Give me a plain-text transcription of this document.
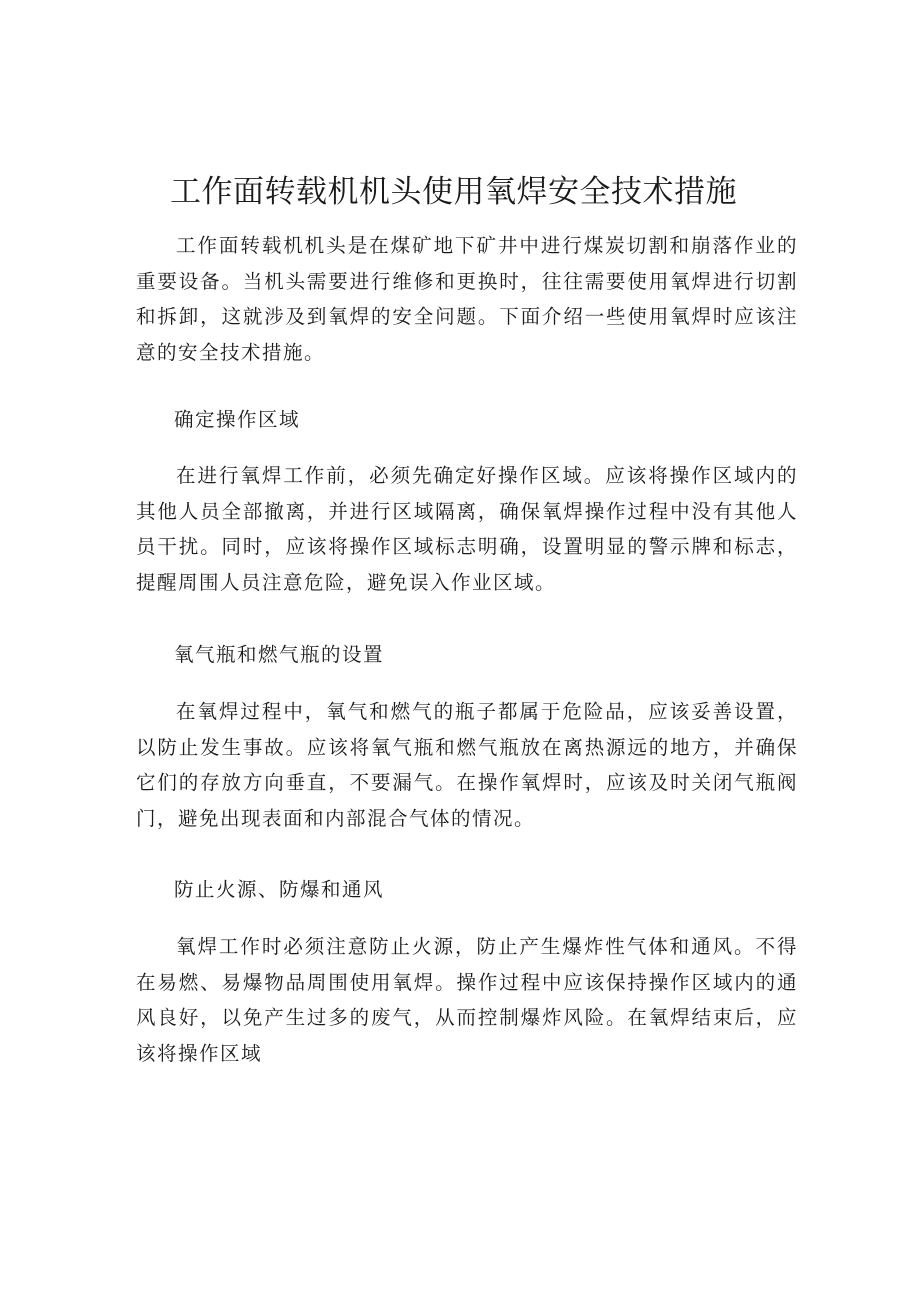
工作面转载机机头使用氧焊安全技术措施

工作面转载机机头是在煤矿地下矿井中进行煤炭切割和崩落作业的重要设备。当机头需要进行维修和更换时，往往需要使用氧焊进行切割和拆卸，这就涉及到氧焊的安全问题。下面介绍一些使用氧焊时应该注意的安全技术措施。

确定操作区域

在进行氧焊工作前，必须先确定好操作区域。应该将操作区域内的其他人员全部撤离，并进行区域隔离，确保氧焊操作过程中没有其他人员干扰。同时，应该将操作区域标志明确，设置明显的警示牌和标志，提醒周围人员注意危险，避免误入作业区域。

氧气瓶和燃气瓶的设置

在氧焊过程中，氧气和燃气的瓶子都属于危险品，应该妥善设置，以防止发生事故。应该将氧气瓶和燃气瓶放在离热源远的地方，并确保它们的存放方向垂直，不要漏气。在操作氧焊时，应该及时关闭气瓶阀门，避免出现表面和内部混合气体的情况。

防止火源、防爆和通风

氧焊工作时必须注意防止火源，防止产生爆炸性气体和通风。不得在易燃、易爆物品周围使用氧焊。操作过程中应该保持操作区域内的通风良好，以免产生过多的废气，从而控制爆炸风险。在氧焊结束后，应该将操作区域
